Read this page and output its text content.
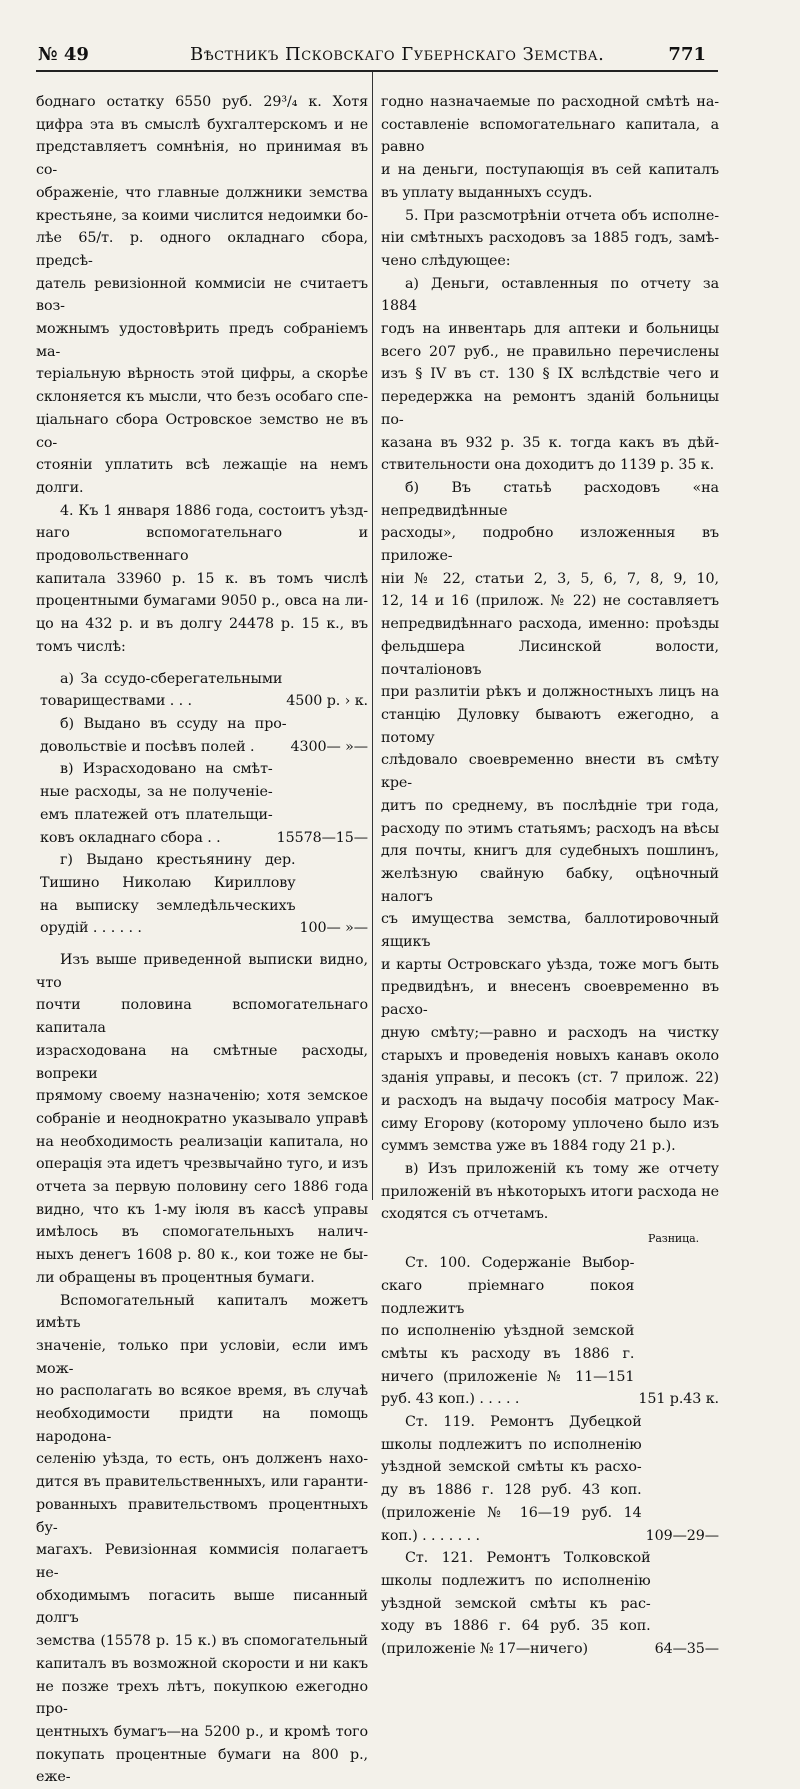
№ 49	Вѣстникъ Псковскаго Губернскаго Земства.	771

боднаго остатку 6550 руб. 29³/₄ к. Хотя

цифра эта въ смыслѣ бухгалтерскомъ и не

представляетъ сомнѣнія, но принимая въ со-

ображеніе, что главные должники земства

крестьяне, за коими числится недоимки бо-

лѣе 65/т. р. одного окладнаго сбора, предсѣ-

датель ревизіонной коммисіи не считаетъ воз-

можнымъ удостовѣрить предъ собраніемъ ма-

теріальную вѣрность этой цифры, а скорѣе

склоняется къ мысли, что безъ особаго спе-

ціальнаго сбора Островское земство не въ со-

стояніи уплатить всѣ лежащіе на немъ долги.

4. Къ 1 января 1886 года, состоитъ уѣзд-

наго вспомогательнаго и продовольственнаго

капитала 33960 р. 15 к. въ томъ числѣ

процентными бумагами 9050 р., овса на ли-

цо на 432 р. и въ долгу 24478 р. 15 к., въ

томъ числѣ:

а) За ссудо-сберегательными

товариществами . . .	4500 р. › к.

б) Выдано въ ссуду на про-

довольствіе и посѣвъ полей .	4300— »—

в) Израсходовано на смѣт-

ные расходы, за не полученіе-

емъ платежей отъ плательщи-

ковъ окладнаго сбора . .	15578—15—

г) Выдано крестьянину дер.

Тишино Николаю Кириллову

на выписку земледѣльческихъ

орудій . . . . . .	100— »—

Изъ выше приведенной выписки видно, что

почти половина вспомогательнаго капитала

израсходована на смѣтные расходы, вопреки

прямому своему назначенію; хотя земское

собраніе и неоднократно указывало управѣ

на необходимость реализаціи капитала, но

операція эта идетъ чрезвычайно туго, и изъ

отчета за первую половину сего 1886 года

видно, что къ 1-му іюля въ кассѣ управы

имѣлось въ спомогательныхъ налич-

ныхъ денегъ 1608 р. 80 к., кои тоже не бы-

ли обращены въ процентныя бумаги.

Вспомогательный капиталъ можетъ имѣть

значеніе, только при условіи, если имъ мож-

но располагать во всякое время, въ случаѣ

необходимости придти на помощь народона-

селенію уѣзда, то есть, онъ долженъ нахо-

дится въ правительственныхъ, или гаранти-

рованныхъ правительствомъ процентныхъ бу-

магахъ. Ревизіонная коммисія полагаетъ не-

обходимымъ погасить выше писанный долгъ

земства (15578 р. 15 к.) въ спомогательный

капиталъ въ возможной скорости и ни какъ

не позже трехъ лѣтъ, покупкою ежегодно про-

центныхъ бумагъ—на 5200 р., и кромѣ того

покупать процентные бумаги на 800 р., еже-

годно назначаемые по расходной смѣтѣ на-

составленіе вспомогательнаго капитала, а равно

и на деньги, поступающія въ сей капиталъ

въ уплату выданныхъ ссудъ.

5. При разсмотрѣніи отчета объ исполне-

ніи смѣтныхъ расходовъ за 1885 годъ, замѣ-

чено слѣдующее:

а) Деньги, оставленныя по отчету за 1884

годъ на инвентарь для аптеки и больницы

всего 207 руб., не правильно перечислены

изъ § IV въ ст. 130 § IX вслѣдствіе чего и

передержка на ремонтъ зданій больницы по-

казана въ 932 р. 35 к. тогда какъ въ дѣй-

ствительности она доходитъ до 1139 р. 35 к.

б) Въ статьѣ расходовъ «на непредвидѣнные

расходы», подробно изложенныя въ приложе-

ніи № 22, статьи 2, 3, 5, 6, 7, 8, 9, 10,

12, 14 и 16 (прилож. № 22) не составляетъ

непредвидѣннаго расхода, именно: проѣзды

фельдшера Лисинской волости, почталіоновъ

при разлитіи рѣкъ и должностныхъ лицъ на

станцію Дуловку бываютъ ежегодно, а потому

слѣдовало своевременно внести въ смѣту кре-

дитъ по среднему, въ послѣдніе три года,

расходу по этимъ статьямъ; расходъ на вѣсы

для почты, книгъ для судебныхъ пошлинъ,

желѣзную свайную бабку, оцѣночный налогъ

съ имущества земства, баллотировочный ящикъ

и карты Островскаго уѣзда, тоже могъ быть

предвидѣнъ, и внесенъ своевременно въ расхо-

дную смѣту;—равно и расходъ на чистку

старыхъ и проведенія новыхъ канавъ около

зданія управы, и песокъ (ст. 7 прилож. 22)

и расходъ на выдачу пособія матросу Мак-

симу Егорову (которому уплочено было изъ

суммъ земства уже въ 1884 году 21 р.).

в) Изъ приложеній къ тому же отчету

приложеній въ нѣкоторыхъ итоги расхода не

сходятся съ отчетамъ.

Разница.

Ст. 100. Содержаніе Выбор-

скаго пріемнаго покоя подлежитъ

по исполненію уѣздной земской

смѣты къ расходу въ 1886 г.

ничего (приложеніе № 11—151

руб. 43 коп.) . . . . .	151 р.43 к.

Ст. 119. Ремонтъ Дубецкой

школы подлежитъ по исполненію

уѣздной земской смѣты къ расхо-

ду въ 1886 г. 128 руб. 43 коп.

(приложеніе № 16—19 руб. 14

коп.) . . . . . . .	109—29—

Ст. 121. Ремонтъ Толковской

школы подлежитъ по исполненію

уѣздной земской смѣты къ рас-

ходу въ 1886 г. 64 руб. 35 коп.

(приложеніе № 17—ничего)	64—35—
